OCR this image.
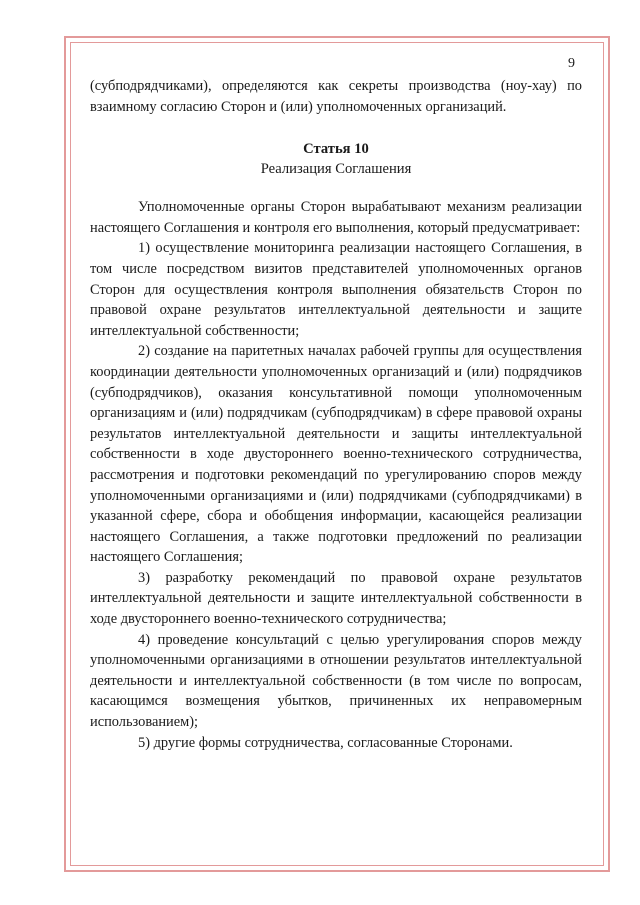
9

(субподрядчиками), определяются как секреты производства (ноу-хау) по взаимному согласию Сторон и (или) уполномоченных организаций.

Статья 10
Реализация Соглашения

Уполномоченные органы Сторон вырабатывают механизм реализации настоящего Соглашения и контроля его выполнения, который предусматривает:

1) осуществление мониторинга реализации настоящего Соглашения, в том числе посредством визитов представителей уполномоченных органов Сторон для осуществления контроля выполнения обязательств Сторон по правовой охране результатов интеллектуальной деятельности и защите интеллектуальной собственности;

2) создание на паритетных началах рабочей группы для осуществления координации деятельности уполномоченных организаций и (или) подрядчиков (субподрядчиков), оказания консультативной помощи уполномоченным организациям и (или) подрядчикам (субподрядчикам) в сфере правовой охраны результатов интеллектуальной деятельности и защиты интеллектуальной собственности в ходе двустороннего военно-технического сотрудничества, рассмотрения и подготовки рекомендаций по урегулированию споров между уполномоченными организациями и (или) подрядчиками (субподрядчиками) в указанной сфере, сбора и обобщения информации, касающейся реализации настоящего Соглашения, а также подготовки предложений по реализации настоящего Соглашения;

3) разработку рекомендаций по правовой охране результатов интеллектуальной деятельности и защите интеллектуальной собственности в ходе двустороннего военно-технического сотрудничества;

4) проведение консультаций с целью урегулирования споров между уполномоченными организациями в отношении результатов интеллектуальной деятельности и интеллектуальной собственности (в том числе по вопросам, касающимся возмещения убытков, причиненных их неправомерным использованием);

5) другие формы сотрудничества, согласованные Сторонами.
